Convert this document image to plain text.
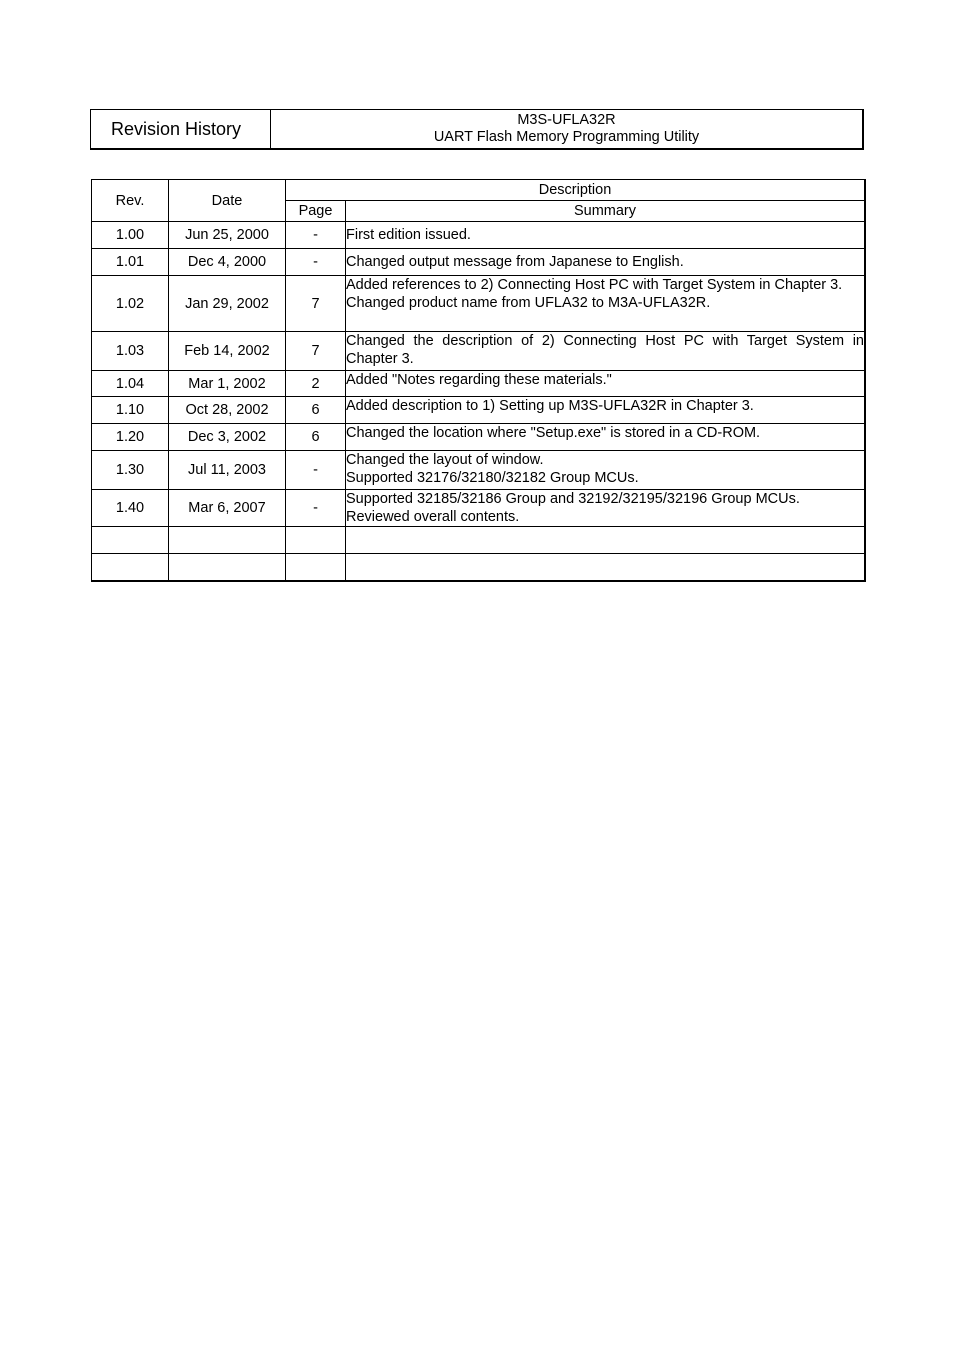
Revision History	M3S-UFLA32R
UART Flash Memory Programming Utility
Rev.	Date	Description	
		Page	Summary
1.00	Jun 25, 2000	-	First edition issued.

1.01	Dec 4, 2000	-	Changed output message from Japanese to English.

1.02	Jan 29, 2002	7	Added references to 2) Connecting Host PC with Target System in Chapter 3.
Changed product name from UFLA32 to M3A-UFLA32R.

1.03	Feb 14, 2002	7	Changed the description of 2) Connecting Host PC with Target System in Chapter 3.

1.04	Mar 1, 2002	2	Added "Notes regarding these materials."

1.10	Oct 28, 2002	6	Added description to 1) Setting up M3S-UFLA32R in Chapter 3.

1.20	Dec 3, 2002	6	Changed the location where "Setup.exe" is stored in a CD-ROM.

1.30	Jul 11, 2003	-	Changed the layout of window.
Supported 32176/32180/32182 Group MCUs.

1.40	Mar 6, 2007	-	Supported 32185/32186 Group and 32192/32195/32196 Group MCUs.
Reviewed overall contents.
